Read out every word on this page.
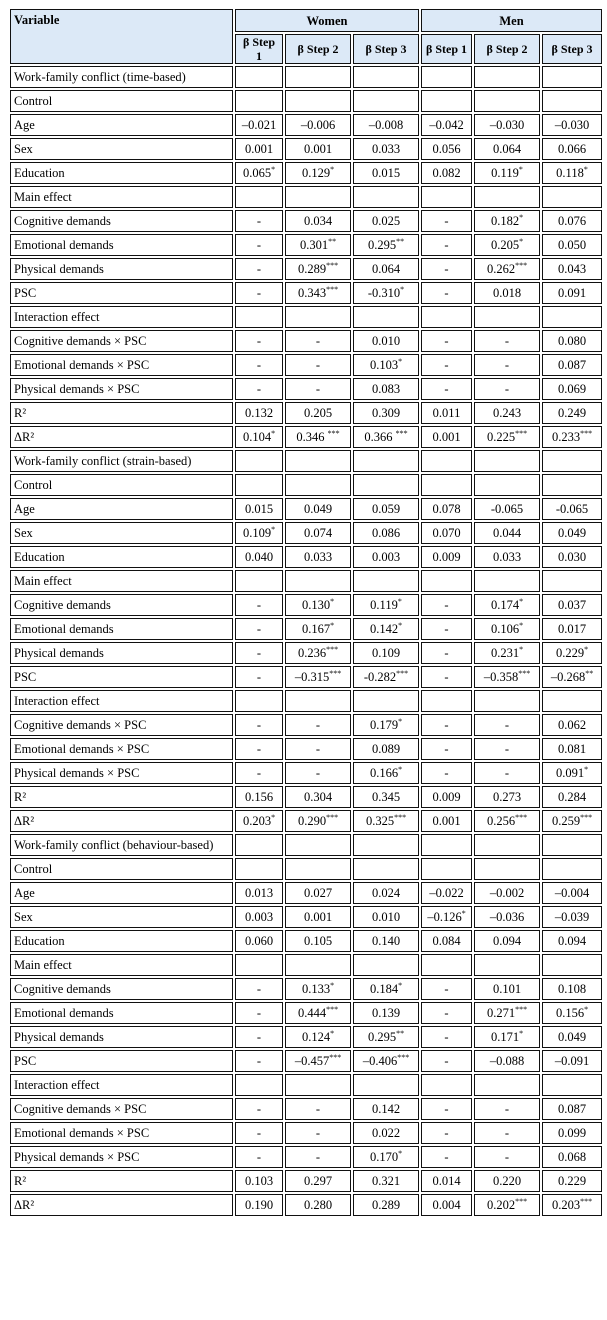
Variable	Women			Men		
	β Step 1	β Step 2	β Step 3	β Step 1	β Step 2	β Step 3
Work-family conflict (time-based)						
Control						
Age	–0.021	–0.006	–0.008	–0.042	–0.030	–0.030
Sex	0.001	0.001	0.033	0.056	0.064	0.066
Education	0.065*	0.129*	0.015	0.082	0.119*	0.118*
Main effect						
Cognitive demands	-	0.034	0.025	-	0.182*	0.076
Emotional demands	-	0.301**	0.295**	-	0.205*	0.050
Physical demands	-	0.289***	0.064	-	0.262***	0.043
PSC	-	0.343***	-0.310*	-	0.018	0.091
Interaction effect						
Cognitive demands × PSC	-	-	0.010	-	-	0.080
Emotional demands × PSC	-	-	0.103*	-	-	0.087
Physical demands × PSC	-	-	0.083	-	-	0.069
R²	0.132	0.205	0.309	0.011	0.243	0.249
ΔR²	0.104*	0.346 ***	0.366 ***	0.001	0.225***	0.233***
Work-family conflict (strain-based)						
Control						
Age	0.015	0.049	0.059	0.078	-0.065	-0.065
Sex	0.109*	0.074	0.086	0.070	0.044	0.049
Education	0.040	0.033	0.003	0.009	0.033	0.030
Main effect						
Cognitive demands	-	0.130*	0.119*	-	0.174*	0.037
Emotional demands	-	0.167*	0.142*	-	0.106*	0.017
Physical demands	-	0.236***	0.109	-	0.231*	0.229*
PSC	-	–0.315***	-0.282***	-	–0.358***	–0.268**
Interaction effect						
Cognitive demands × PSC	-	-	0.179*	-	-	0.062
Emotional demands × PSC	-	-	0.089	-	-	0.081
Physical demands × PSC	-	-	0.166*	-	-	0.091*
R²	0.156	0.304	0.345	0.009	0.273	0.284
ΔR²	0.203*	0.290***	0.325***	0.001	0.256***	0.259***
Work-family conflict (behaviour-based)						
Control						
Age	0.013	0.027	0.024	–0.022	–0.002	–0.004
Sex	0.003	0.001	0.010	–0.126*	–0.036	–0.039
Education	0.060	0.105	0.140	0.084	0.094	0.094
Main effect						
Cognitive demands	-	0.133*	0.184*	-	0.101	0.108
Emotional demands	-	0.444***	0.139	-	0.271***	0.156*
Physical demands	-	0.124*	0.295**	-	0.171*	0.049
PSC	-	–0.457***	–0.406***	-	–0.088	–0.091
Interaction effect						
Cognitive demands × PSC	-	-	0.142	-	-	0.087
Emotional demands × PSC	-	-	0.022	-	-	0.099
Physical demands × PSC	-	-	0.170*	-	-	0.068
R²	0.103	0.297	0.321	0.014	0.220	0.229
ΔR²	0.190	0.280	0.289	0.004	0.202***	0.203***
